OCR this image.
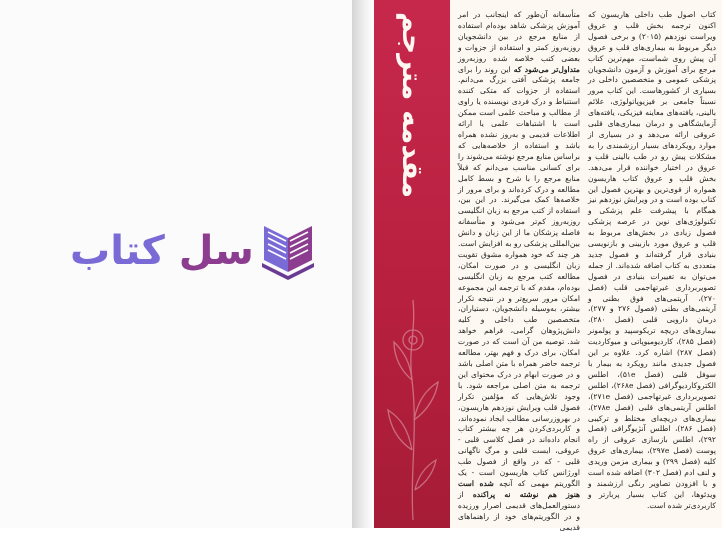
سل کتاب
مقدمه مترجم	متأسفانه آن‌طور که اینجانب در امر آموزش پزشکی شاهد بوده‌ام استفاده از منابع مرجع در بین دانشجویان روز‌به‌روز کمتر و استفاده از جزوات و بعضی کتب خلاصه شده روزبه‌روز متداول‌تر می‌شود که این روند را برای جامعه پزشکی آفتی بزرگ می‌دانم. استفاده از جزوات که متکی کننده استنباط و درک فردی نویسنده یا راوی از مطالب و مباحث علمی است ممکن است با اشتباهات علمی یا ارائه اطلاعات قدیمی و به‌روز نشده همراه باشد و استفاده از خلاصه‌هایی که براساس منابع مرجع نوشته می‌شوند را برای کسانی مناسب می‌دانم که قبلاً منابع مرجع را با شرح و بسط کامل مطالعه و درک کرده‌اند و برای مرور از خلاصه‌ها کمک می‌گیرند. در این بین، استفاده از کتب مرجع به زبان انگلیسی روزبه‌روز کم‌تر می‌شود و متأسفانه فاصله پزشکان ما از این زبان و دانش بین‌المللی پزشکی رو به افزایش است. هر چند که خود همواره مشوق تقویت زبان انگلیسی و در صورت امکان، مطالعه کتب مرجع به زبان انگلیسی بوده‌ام، مقدم که با ترجمه این مجموعه امکان مرور سریع‌تر و در نتیجه تکرار بیشتر، به‌وسیله دانشجویان، دستیاران، متخصصین طب داخلی و کلیه دانش‌پژوهان گرامی، فراهم خواهد شد. توصیه من آن است که در صورت امکان، برای درک و فهم بهتر، مطالعه ترجمه حاضر همراه با متن اصلی باشد و در صورت ابهام در درک محتوای این ترجمه به متن اصلی مراجعه شود. با وجود تلاش‌هایی که مؤلفین تکرار فصول قلب ویرایش نوزدهم هاریسون، در بهروزرسانی مطالب ایجاد نموده‌اند، و کاربردی‌کردن هر چه بیشتر کتاب انجام داده‌اند در فصل کلاسی قلبی - عروقی، ایست قلبی و مرگ ناگهانی قلبی - که در واقع از فصول طب اورژانس کتاب هاریسون است - یک الگوریتم مهمی که آنچه شده است هنوز هم نوشته نه پراکنده از دستورالعمل‌های قدیمی اصرار ورزیده و در الگوریتم‌های خود از راهنماهای قدیمی

کتاب اصول طب داخلی هاریسون که اکنون ترجمه بخش قلب و عروق ویراست نوزدهم (۲۰۱۵) و برخی فصول دیگر مربوط به بیماری‌های قلب و عروق آن پیش روی شماست، مهم‌ترین کتاب مرجع برای آموزش و آزمون دانشجویان پزشکی عمومی و متخصصین داخلی در بسیاری از کشورهاست. این کتاب مرور نسبتاً جامعی بر فیزیوپاتولوژی، علائم بالینی، یافته‌های معاینه فیزیکی، یافته‌های آزمایشگاهی و درمان بیماری‌های قلبی عروقی ارائه می‌دهد و در بسیاری از موارد رویکردهای بسیار ارزشمندی را به مشکلات پیش رو در طب بالینی قلب و عروق در اختیار خواننده قرار می‌دهد. بخش قلب و عروق کتاب هاریسون همواره از قوی‌ترین و بهترین فصول این کتاب بوده است و در ویرایش نوزدهم نیز همگام با پیشرفت علم پزشکی و تکنولوژی‌های نوین در عرصه پزشکی فصول زیادی در بخش‌های مربوط به قلب و عروق مورد بازبینی و بازنویسی بنیادی قرار گرفته‌اند و فصول جدید متعددی به کتاب اضافه شده‌اند. از جمله می‌توان به تغییرات بنیادی در فصول تصویربرداری غیرتهاجمی قلب (فصل ۲۷۰)، آریتمی‌های فوق بطنی و آریتمی‌های بطنی (فصول ۲۷۶ و ۲۷۷)، درمان دارویی قلبی (فصل ۲۸۰)، بیماری‌های دریچه تریکوسپید و پولمونر (فصل ۲۸۵)، کاردیومیوپاتی و میوکاردیت (فصل ۲۸۷) اشاره کرد. علاوه بر این فصول جدیدی مانند رویکرد به بیمار با سوفل قلبی (فصل ۵۱e)، اطلس الکتروکاردیوگرافی (فصل ۲۶۸e)، اطلس تصویربرداری غیرتهاجمی (فصل ۲۷۱e)، اطلس آریتمی‌های قلبی (فصل ۲۷۸e)، بیماری‌های دریچه‌ای مختلط و ترکیبی (فصل ۲۸۶)، اطلس آنژیوگرافی (فصل ۲۹۲)، اطلس بازسازی عروقی از راه پوست (فصل ۲۹۷e)، بیماری‌های عروق کلیه (فصل ۲۹۹) و بیماری مزمن وریدی و لنف ادم (فصل ۳۰۲) اضافه شده است و با افزودن تصاویر رنگی ارزشمند و ویدئوها، این کتاب بسیار پربارتر و کاربردی‌تر شده است.
